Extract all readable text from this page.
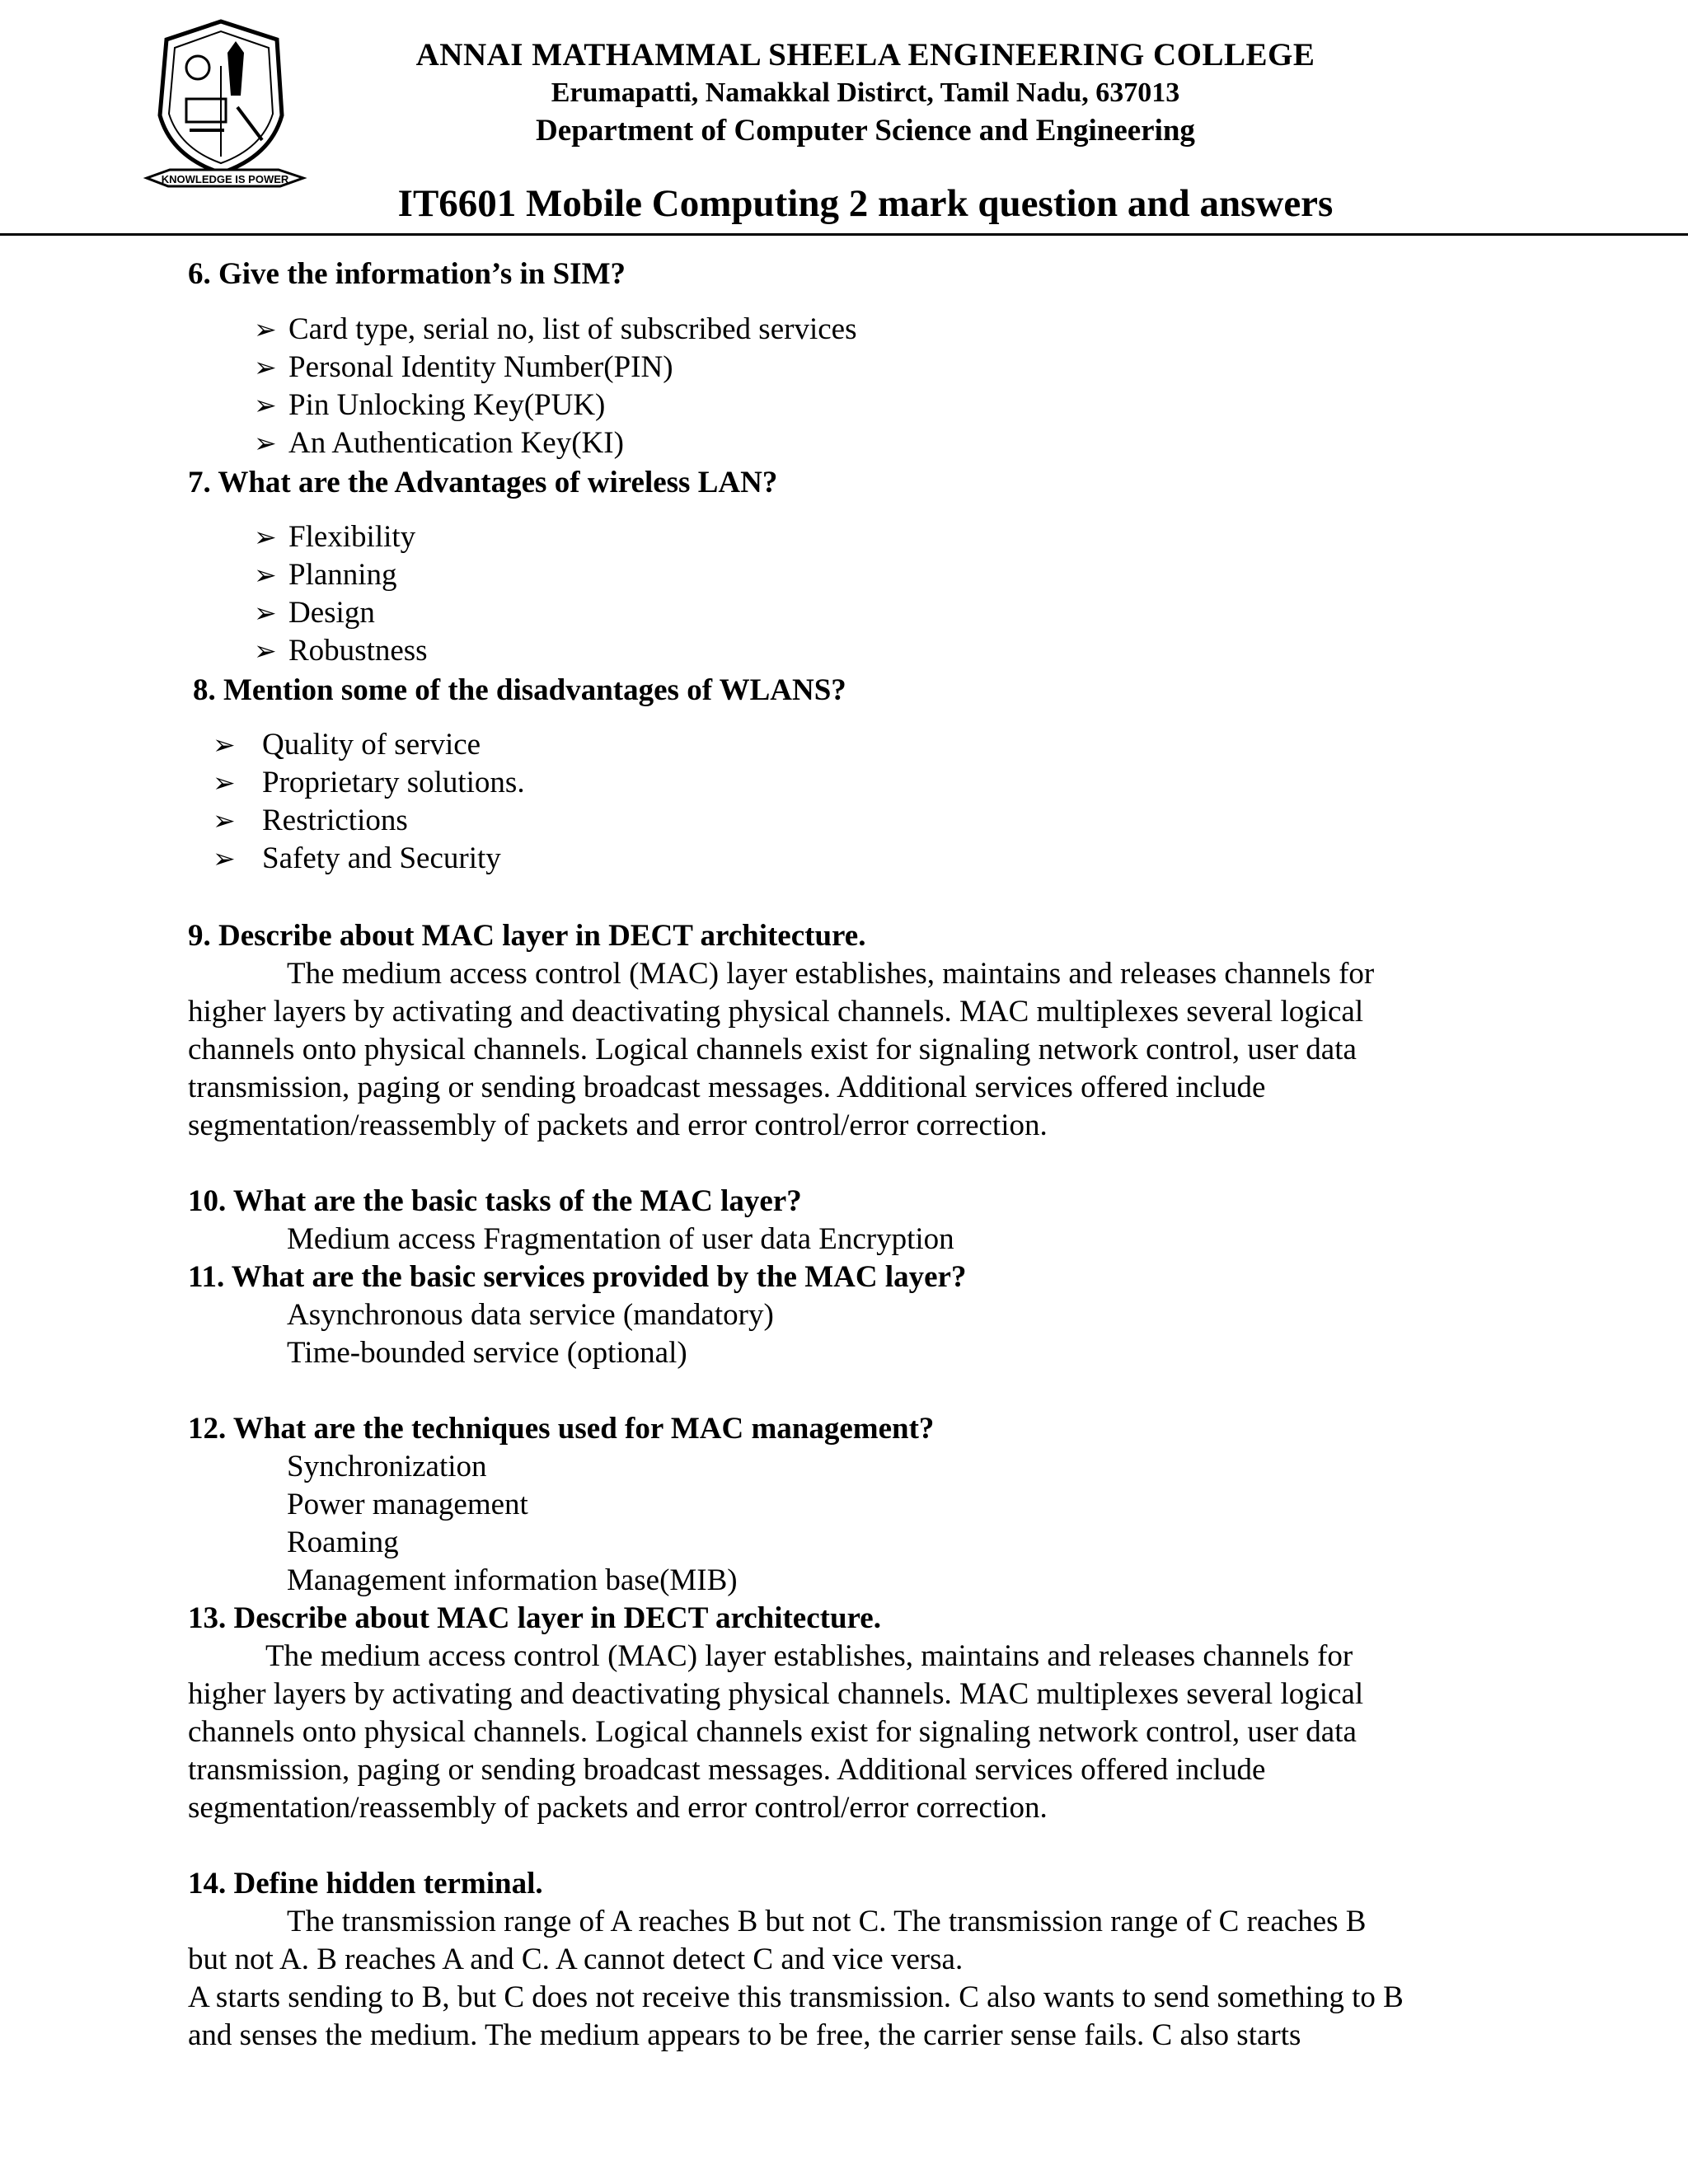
KNOWLEDGE IS POWER
ANNAI MATHAMMAL SHEELA ENGINEERING COLLEGE
Erumapatti, Namakkal Distirct, Tamil Nadu, 637013
Department of Computer Science and Engineering
IT6601 Mobile Computing 2 mark question and answers
6. Give the information’s in SIM?
➢ Card type, serial no, list of subscribed services
➢ Personal Identity Number(PIN)
➢ Pin Unlocking Key(PUK)
➢ An Authentication Key(KI)
7. What are the Advantages of wireless LAN?
➢ Flexibility
➢ Planning
➢ Design
➢ Robustness
8. Mention some of the disadvantages of WLANS?
➢ Quality of service
➢ Proprietary solutions.
➢ Restrictions
➢ Safety and Security
9. Describe about MAC layer in DECT architecture.
The medium access control (MAC) layer establishes, maintains and releases channels for
higher layers by activating and deactivating physical channels. MAC multiplexes several logical
channels onto physical channels. Logical channels exist for signaling network control, user data
transmission, paging or sending broadcast messages. Additional services offered include
segmentation/reassembly of packets and error control/error correction.
10. What are the basic tasks of the MAC layer?
Medium access Fragmentation of user data Encryption
11. What are the basic services provided by the MAC layer?
Asynchronous data service (mandatory)
Time-bounded service (optional)
12. What are the techniques used for MAC management?
Synchronization
Power management
Roaming
Management information base(MIB)
13. Describe about MAC layer in DECT architecture.
The medium access control (MAC) layer establishes, maintains and releases channels for
higher layers by activating and deactivating physical channels. MAC multiplexes several logical
channels onto physical channels. Logical channels exist for signaling network control, user data
transmission, paging or sending broadcast messages. Additional services offered include
segmentation/reassembly of packets and error control/error correction.
14. Define hidden terminal.
The transmission range of A reaches B but not C. The transmission range of C reaches B
but not A. B reaches A and C. A cannot detect C and vice versa.
A starts sending to B, but C does not receive this transmission. C also wants to send something to B
and senses the medium. The medium appears to be free, the carrier sense fails. C also starts
